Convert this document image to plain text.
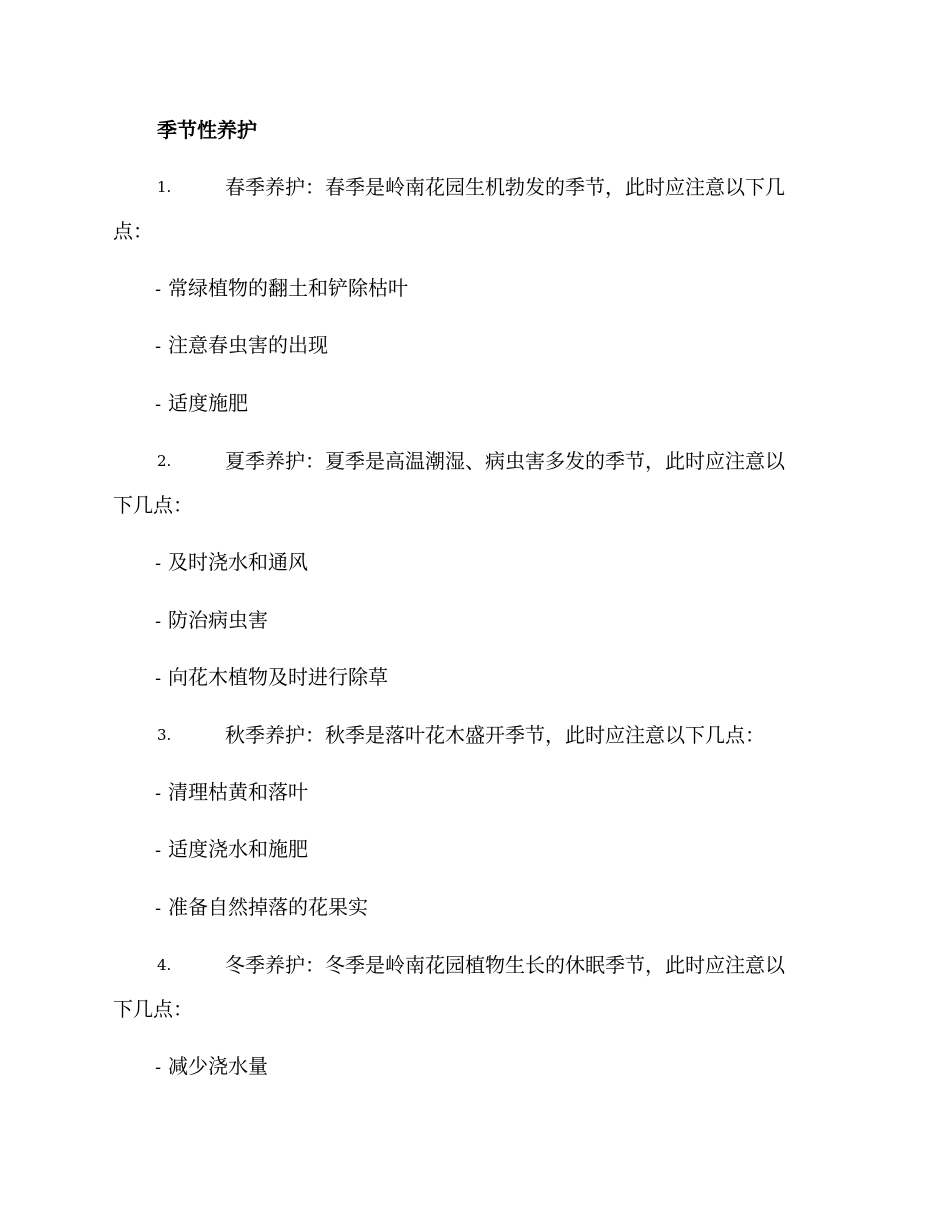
季节性养护
1.	春季养护：春季是岭南花园生机勃发的季节，此时应注意以下几
点：
- 常绿植物的翻土和铲除枯叶
- 注意春虫害的出现
- 适度施肥
2.	夏季养护：夏季是高温潮湿、病虫害多发的季节，此时应注意以
下几点：
- 及时浇水和通风
- 防治病虫害
- 向花木植物及时进行除草
3.	秋季养护：秋季是落叶花木盛开季节，此时应注意以下几点：
- 清理枯黄和落叶
- 适度浇水和施肥
- 准备自然掉落的花果实
4.	冬季养护：冬季是岭南花园植物生长的休眠季节，此时应注意以
下几点：
- 减少浇水量
